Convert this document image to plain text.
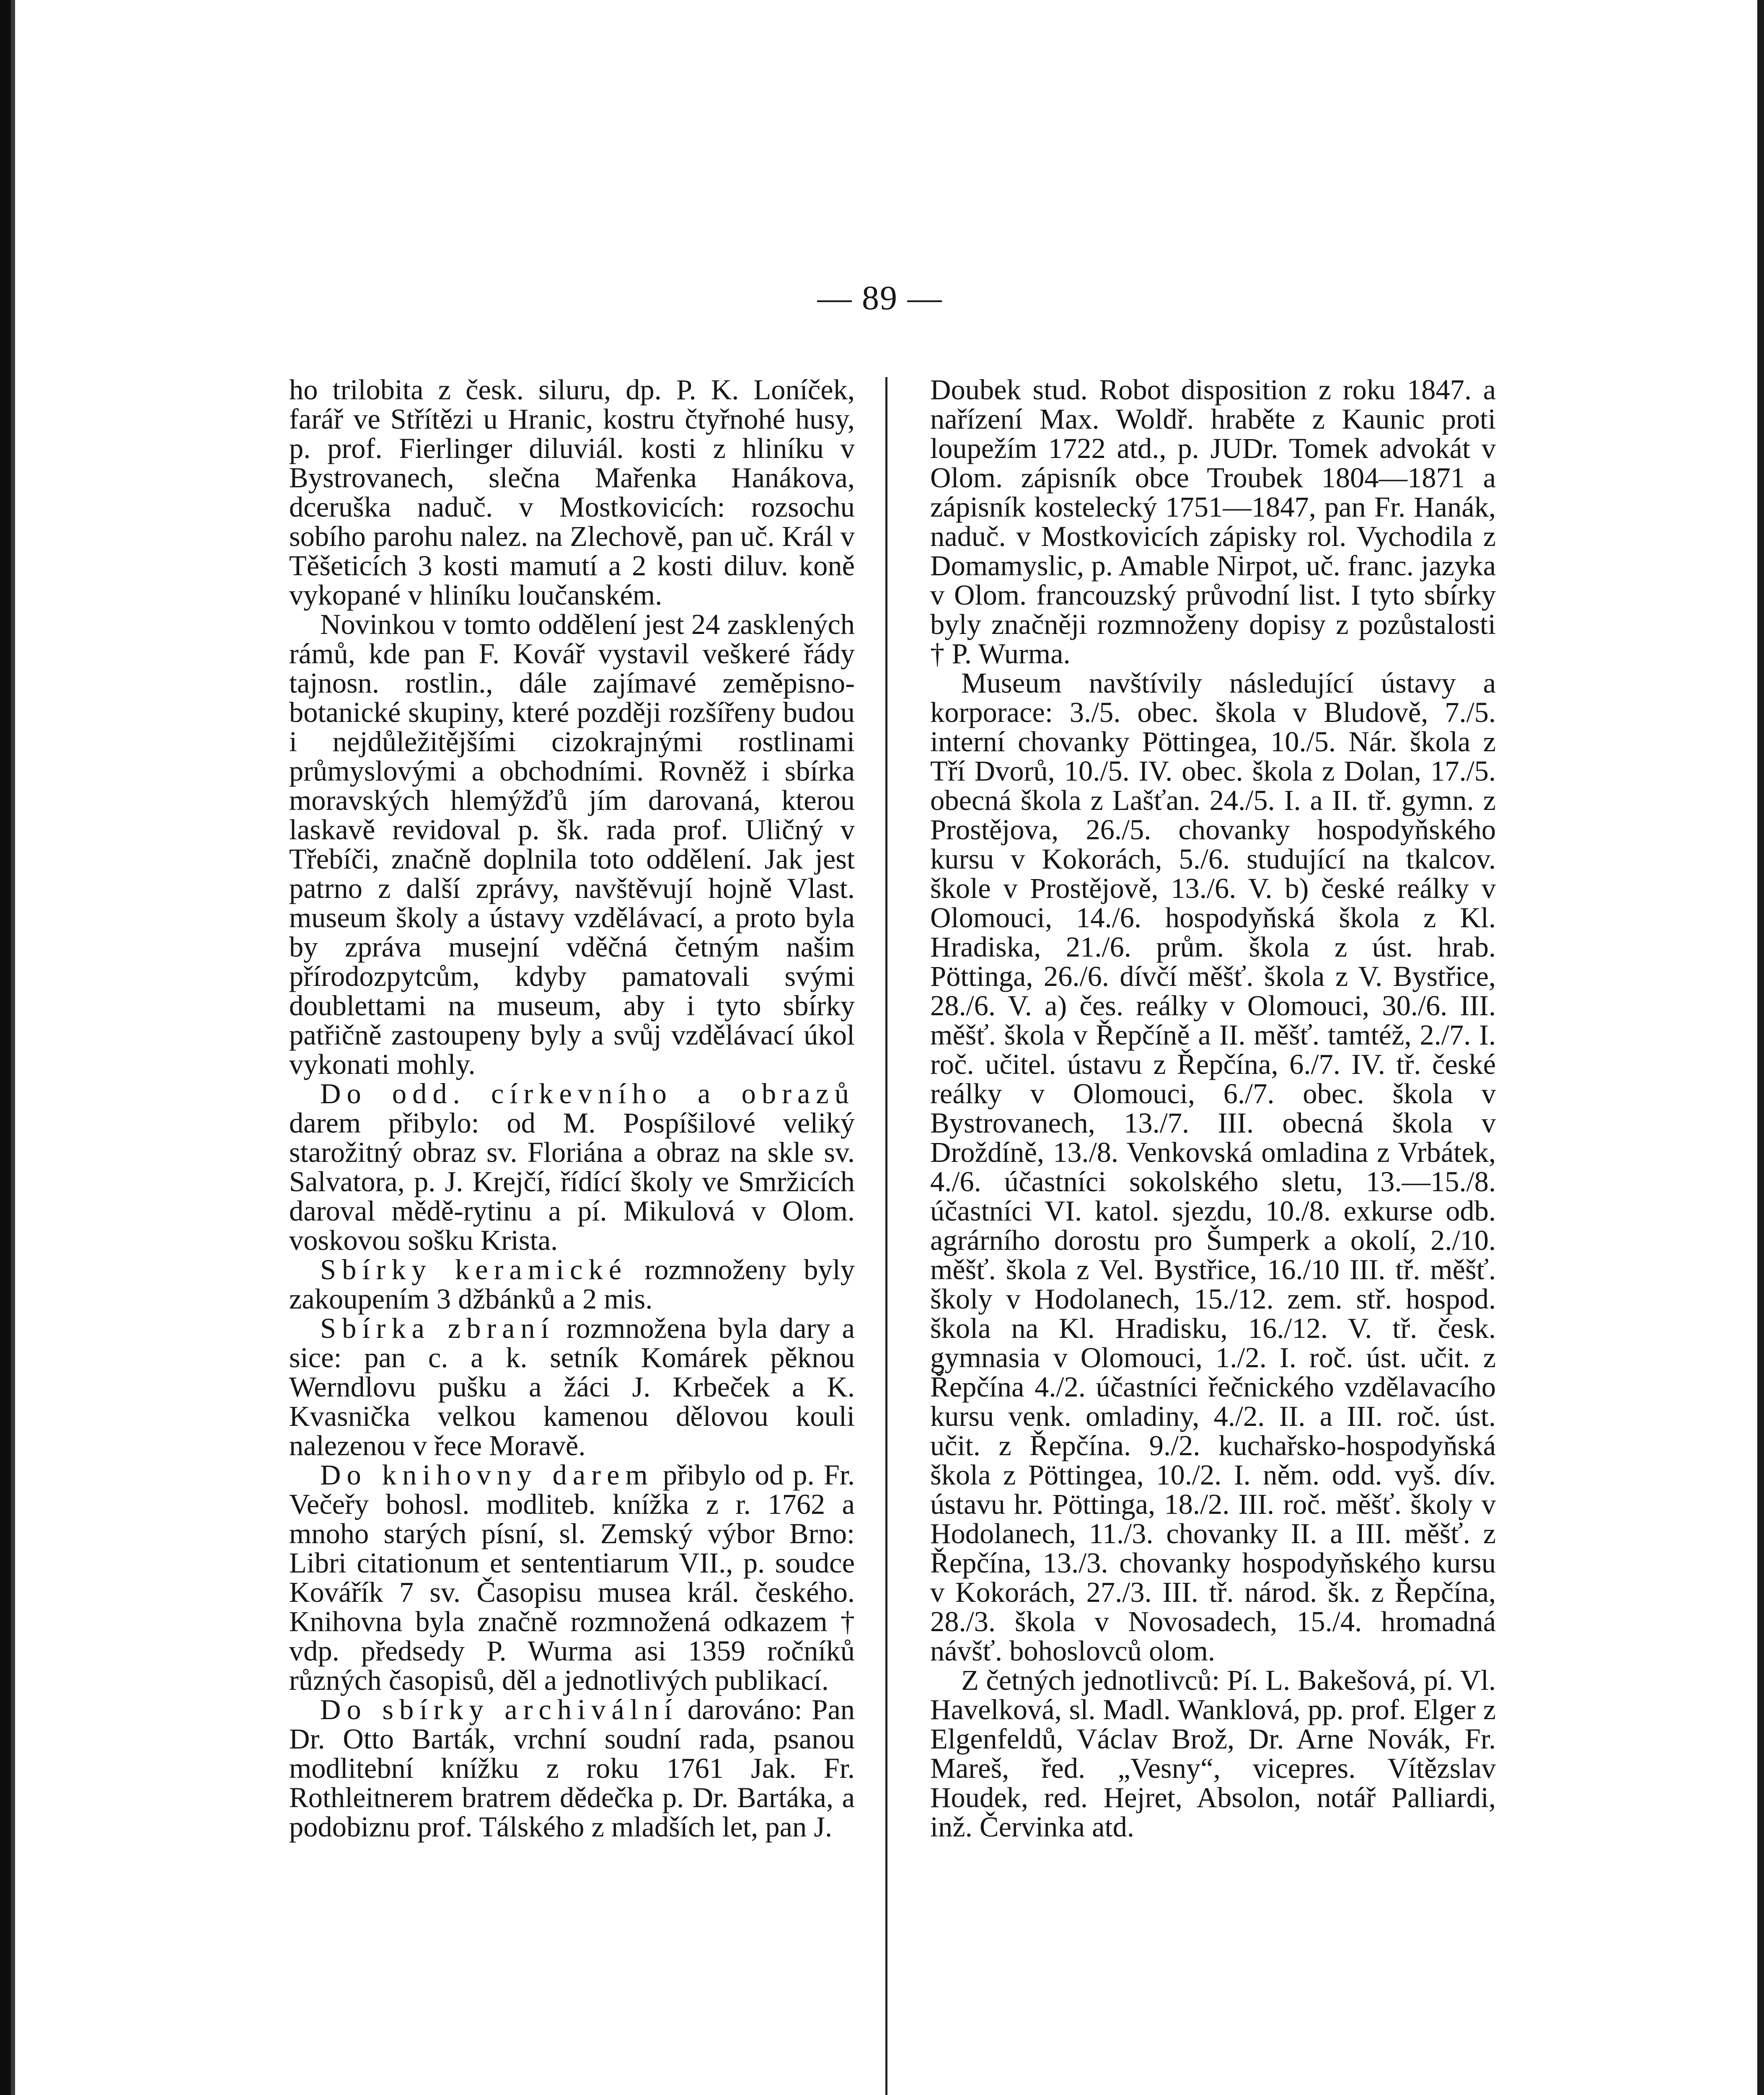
— 89 —

ho trilobita z česk. siluru, dp. P. K. Loníček, farář ve Střítězi u Hranic, kostru čtyřnohé husy, p. prof. Fierlinger diluviál. kosti z hliníku v Bystrovanech, slečna Mařenka Hanákova, dceruška naduč. v Mostkovicích: rozsochu sobího parohu nalez. na Zlechově, pan uč. Král v Těšeticích 3 kosti mamutí a 2 kosti diluv. koně vykopané v hliníku loučanském.

Novinkou v tomto oddělení jest 24 zasklených rámů, kde pan F. Kovář vystavil veškeré řády tajnosn. rostlin., dále zajímavé zeměpisno-botanické skupiny, které později rozšířeny budou i nejdůležitějšími cizokrajnými rostlinami průmyslovými a obchodními. Rovněž i sbírka moravských hlemýžďů jím darovaná, kterou laskavě revidoval p. šk. rada prof. Uličný v Třebíči, značně doplnila toto oddělení. Jak jest patrno z další zprávy, navštěvují hojně Vlast. museum školy a ústavy vzdělávací, a proto byla by zpráva musejní vděčná četným našim přírodozpytcům, kdyby pamatovali svými doublettami na museum, aby i tyto sbírky patřičně zastoupeny byly a svůj vzdělávací úkol vykonati mohly.

Do odd. církevního a obrazů darem přibylo: od M. Pospíšilové veliký starožitný obraz sv. Floriána a obraz na skle sv. Salvatora, p. J. Krejčí, řídící školy ve Smržicích daroval mědě-rytinu a pí. Mikulová v Olom. voskovou sošku Krista.

Sbírky keramické rozmnoženy byly zakoupením 3 džbánků a 2 mis.

Sbírka zbraní rozmnožena byla dary a sice: pan c. a k. setník Komárek pěknou Werndlovu pušku a žáci J. Krbeček a K. Kvasnička velkou kamenou dělovou kouli nalezenou v řece Moravě.

Do knihovny darem přibylo od p. Fr. Večeřy bohosl. modliteb. knížka z r. 1762 a mnoho starých písní, sl. Zemský výbor Brno: Libri citationum et sententiarum VII., p. soudce Kovářík 7 sv. Časopisu musea král. českého. Knihovna byla značně rozmnožená odkazem † vdp. předsedy P. Wurma asi 1359 ročníků různých časopisů, děl a jednotlivých publikací.

Do sbírky archivální darováno: Pan Dr. Otto Barták, vrchní soudní rada, psanou modlitební knížku z roku 1761 Jak. Fr. Rothleitnerem bratrem dědečka p. Dr. Bartáka, a podobiznu prof. Tálského z mladších let, pan J.

Doubek stud. Robot disposition z roku 1847. a nařízení Max. Woldř. hraběte z Kaunic proti loupežím 1722 atd., p. JUDr. Tomek advokát v Olom. zápisník obce Troubek 1804—1871 a zápisník kostelecký 1751—1847, pan Fr. Hanák, naduč. v Mostkovicích zápisky rol. Vychodila z Domamyslic, p. Amable Nirpot, uč. franc. jazyka v Olom. francouzský průvodní list. I tyto sbírky byly značněji rozmnoženy dopisy z pozůstalosti † P. Wurma.

Museum navštívily následující ústavy a korporace: 3./5. obec. škola v Bludově, 7./5. interní chovanky Pöttingea, 10./5. Nár. škola z Tří Dvorů, 10./5. IV. obec. škola z Dolan, 17./5. obecná škola z Lašťan. 24./5. I. a II. tř. gymn. z Prostějova, 26./5. chovanky hospodyňského kursu v Kokorách, 5./6. studující na tkalcov. škole v Prostějově, 13./6. V. b) české reálky v Olomouci, 14./6. hospodyňská škola z Kl. Hradiska, 21./6. prům. škola z úst. hrab. Pöttinga, 26./6. dívčí měšť. škola z V. Bystřice, 28./6. V. a) čes. reálky v Olomouci, 30./6. III. měšť. škola v Řepčíně a II. měšť. tamtéž, 2./7. I. roč. učitel. ústavu z Řepčína, 6./7. IV. tř. české reálky v Olomouci, 6./7. obec. škola v Bystrovanech, 13./7. III. obecná škola v Droždíně, 13./8. Venkovská omladina z Vrbátek, 4./6. účastníci sokolského sletu, 13.—15./8. účastníci VI. katol. sjezdu, 10./8. exkurse odb. agrárního dorostu pro Šumperk a okolí, 2./10. měšť. škola z Vel. Bystřice, 16./10 III. tř. měšť. školy v Hodolanech, 15./12. zem. stř. hospod. škola na Kl. Hradisku, 16./12. V. tř. česk. gymnasia v Olomouci, 1./2. I. roč. úst. učit. z Řepčína 4./2. účastníci řečnického vzdělavacího kursu venk. omladiny, 4./2. II. a III. roč. úst. učit. z Řepčína. 9./2. kuchařsko-hospodyňská škola z Pöttingea, 10./2. I. něm. odd. vyš. dív. ústavu hr. Pöttinga, 18./2. III. roč. měšť. školy v Hodolanech, 11./3. chovanky II. a III. měšť. z Řepčína, 13./3. chovanky hospodyňského kursu v Kokorách, 27./3. III. tř. národ. šk. z Řepčína, 28./3. škola v Novosadech, 15./4. hromadná návšť. bohoslovců olom.

Z četných jednotlivců: Pí. L. Bakešová, pí. Vl. Havelková, sl. Madl. Wanklová, pp. prof. Elger z Elgenfeldů, Václav Brož, Dr. Arne Novák, Fr. Mareš, řed. „Vesny“, vicepres. Vítězslav Houdek, red. Hejret, Absolon, notář Palliardi, inž. Červinka atd.
